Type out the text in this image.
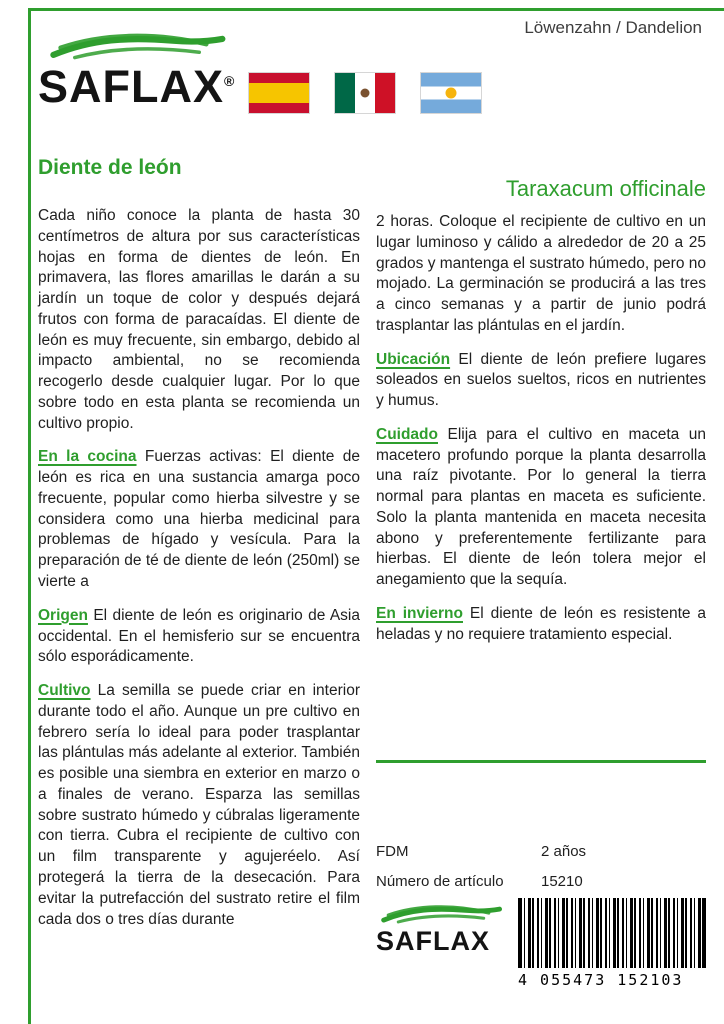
Löwenzahn / Dandelion
SAFLAX®
Diente de león

Cada niño conoce la planta de hasta 30 centímetros de altura por sus características hojas en forma de dientes de león. En primavera, las flores amarillas le darán a su jardín un toque de color y después dejará frutos con forma de paracaídas. El diente de león es muy frecuente, sin embargo, debido al impacto ambiental, no se recomienda recogerlo desde cualquier lugar. Por lo que sobre todo en esta planta se recomienda un cultivo propio.

En la cocina Fuerzas activas: El diente de león es rica en una sustancia amarga poco frecuente, popular como hierba silvestre y se considera como una hierba medicinal para problemas de hígado y vesícula. Para la preparación de té de diente de león (250ml) se vierte a

Origen El diente de león es originario de Asia occidental. En el hemisferio sur se encuentra sólo esporádicamente.

Cultivo La semilla se puede criar en interior durante todo el año. Aunque un pre cultivo en febrero sería lo ideal para poder trasplantar las plántulas más adelante al exterior. También es posible una siembra en exterior en marzo o a finales de verano. Esparza las semillas sobre sustrato húmedo y cúbralas ligeramente con tierra. Cubra el recipiente de cultivo con un film transparente y agujeréelo. Así protegerá la tierra de la desecación. Para evitar la putrefacción del sustrato retire el film cada dos o tres días durante

Taraxacum officinale

2 horas. Coloque el recipiente de cultivo en un lugar luminoso y cálido a alrededor de 20 a 25 grados y mantenga el sustrato húmedo, pero no mojado. La germinación se producirá a las tres a cinco semanas y a partir de junio podrá trasplantar las plántulas en el jardín.

Ubicación El diente de león prefiere lugares soleados en suelos sueltos, ricos en nutrientes y humus.

Cuidado Elija para el cultivo en maceta un macetero profundo porque la planta desarrolla una raíz pivotante. Por lo general la tierra normal para plantas en maceta es suficiente. Solo la planta mantenida en maceta necesita abono y preferentemente fertilizante para hierbas. El diente de león tolera mejor el anegamiento que la sequía.

En invierno El diente de león es resistente a heladas y no requiere tratamiento especial.

FDM	2 años
Número de artículo	15210
SAFLAX
4 055473 152103
